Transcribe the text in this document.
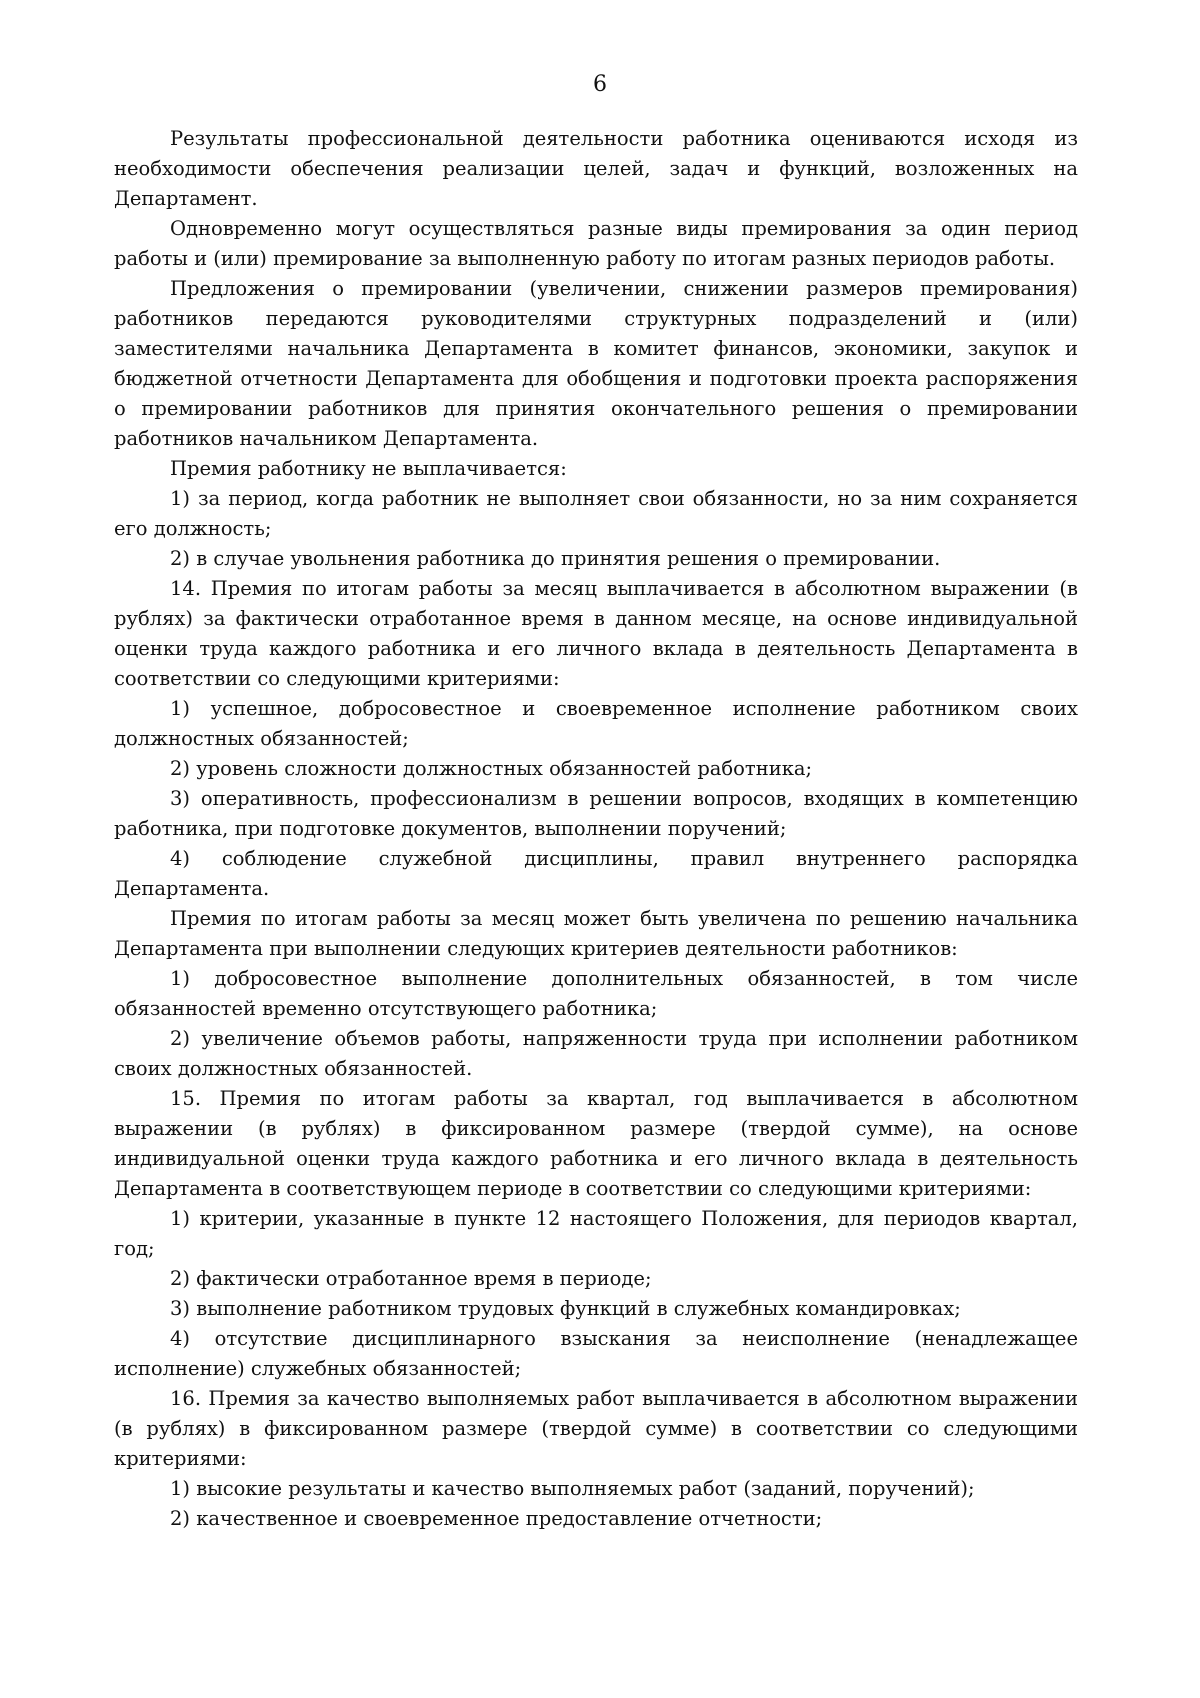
6

Результаты профессиональной деятельности работника оцениваются исходя из необходимости обеспечения реализации целей, задач и функций, возложенных на Департамент.

Одновременно могут осуществляться разные виды премирования за один период работы и (или) премирование за выполненную работу по итогам разных периодов работы.

Предложения о премировании (увеличении, снижении размеров премирования) работников передаются руководителями структурных подразделений и (или) заместителями начальника Департамента в комитет финансов, экономики, закупок и бюджетной отчетности Департамента для обобщения и подготовки проекта распоряжения о премировании работников для принятия окончательного решения о премировании работников начальником Департамента.

Премия работнику не выплачивается:

1) за период, когда работник не выполняет свои обязанности, но за ним сохраняется его должность;

2) в случае увольнения работника до принятия решения о премировании.

14. Премия по итогам работы за месяц выплачивается в абсолютном выражении (в рублях) за фактически отработанное время в данном месяце, на основе индивидуальной оценки труда каждого работника и его личного вклада в деятельность Департамента в соответствии со следующими критериями:

1) успешное, добросовестное и своевременное исполнение работником своих должностных обязанностей;

2) уровень сложности должностных обязанностей работника;

3) оперативность, профессионализм в решении вопросов, входящих в компетенцию работника, при подготовке документов, выполнении поручений;

4) соблюдение служебной дисциплины, правил внутреннего распорядка Департамента.

Премия по итогам работы за месяц может быть увеличена по решению начальника Департамента при выполнении следующих критериев деятельности работников:

1) добросовестное выполнение дополнительных обязанностей, в том числе обязанностей временно отсутствующего работника;

2) увеличение объемов работы, напряженности труда при исполнении работником своих должностных обязанностей.

15. Премия по итогам работы за квартал, год выплачивается в абсолютном выражении (в рублях) в фиксированном размере (твердой сумме), на основе индивидуальной оценки труда каждого работника и его личного вклада в деятельность Департамента в соответствующем периоде в соответствии со следующими критериями:

1) критерии, указанные в пункте 12 настоящего Положения, для периодов квартал, год;

2) фактически отработанное время в периоде;

3) выполнение работником трудовых функций в служебных командировках;

4) отсутствие дисциплинарного взыскания за неисполнение (ненадлежащее исполнение) служебных обязанностей;

16. Премия за качество выполняемых работ выплачивается в абсолютном выражении (в рублях) в фиксированном размере (твердой сумме) в соответствии со следующими критериями:

1) высокие результаты и качество выполняемых работ (заданий, поручений);

2) качественное и своевременное предоставление отчетности;
